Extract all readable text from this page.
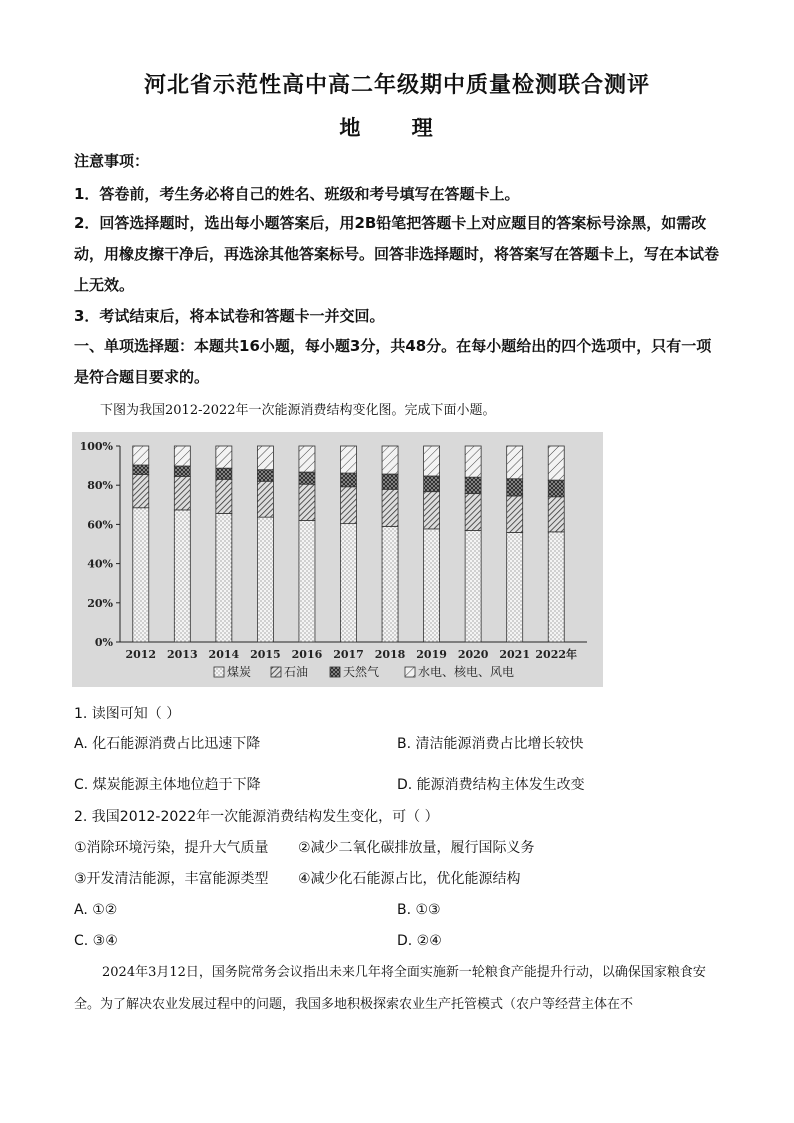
河北省示范性高中高二年级期中质量检测联合测评
地 理
注意事项：
1．答卷前，考生务必将自己的姓名、班级和考号填写在答题卡上。
2．回答选择题时，选出每小题答案后，用2B铅笔把答题卡上对应题目的答案标号涂黑，如需改动，用橡皮擦干净后，再选涂其他答案标号。回答非选择题时，将答案写在答题卡上，写在本试卷上无效。
3．考试结束后，将本试卷和答题卡一并交回。
一、单项选择题：本题共16小题，每小题3分，共48分。在每小题给出的四个选项中，只有一项是符合题目要求的。
下图为我国2012-2022年一次能源消费结构变化图。完成下面小题。
0%
20%
40%
60%
80%
100%
2012 2013 2014 2015 2016 2017 2018 2019 2020 2021 2022年
煤炭	石油	天然气	水电、核电、风电
1. 读图可知（ ）
A. 化石能源消费占比迅速下降	B. 清洁能源消费占比增长较快
C. 煤炭能源主体地位趋于下降	D. 能源消费结构主体发生改变
2. 我国2012-2022年一次能源消费结构发生变化，可（ ）
①消除环境污染，提升大气质量 ②减少二氧化碳排放量，履行国际义务
③开发清洁能源，丰富能源类型 ④减少化石能源占比，优化能源结构
A. ①②	B. ①③
C. ③④	D. ②④
2024年3月12日，国务院常务会议指出未来几年将全面实施新一轮粮食产能提升行动，以确保国家粮食安全。为了解决农业发展过程中的问题，我国多地积极探索农业生产托管模式（农户等经营主体在不
